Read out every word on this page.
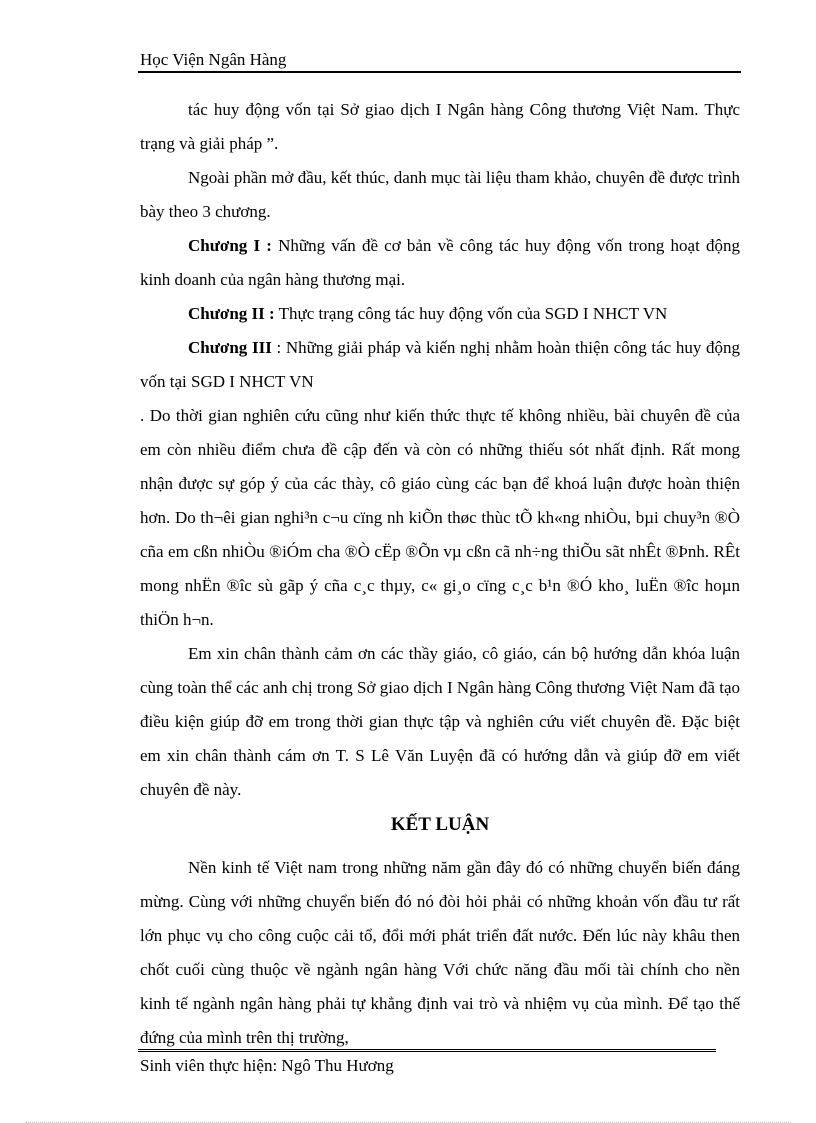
Học Viện Ngân Hàng

tác huy động vốn tại Sở giao dịch I Ngân hàng Công thương Việt Nam. Thực trạng và giải pháp ”.

Ngoài phần mở đầu, kết thúc, danh mục tài liệu tham khảo, chuyên đề được trình bày theo 3 chương.

Chương I : Những vấn đề cơ bản về công tác huy động vốn trong hoạt động kinh doanh của ngân hàng thương mại.

Chương II : Thực trạng công tác huy động vốn của SGD I NHCT VN

Chương III : Những giải pháp và kiến nghị nhằm hoàn thiện công tác huy động vốn tại SGD I NHCT VN

. Do thời gian nghiên cứu cũng như kiến thức thực tế không nhiều, bài chuyên đề của em còn nhiều điểm chưa đề cập đến và còn có những thiếu sót nhất định. Rất mong nhận được sự góp ý của các thày, cô giáo cùng các bạn để khoá luận được hoàn thiện hơn. Do th¬êi gian nghi³n c¬u cïng nh kiÕn thøc thùc tÕ kh«ng nhiÒu, bµi chuy³n ®Ò cña em cßn nhiÒu ®iÓm cha ®Ò cËp ®Õn vµ cßn cã nh÷ng thiÕu sãt nhÊt ®Þnh. RÊt mong nhËn ®îc sù gãp ý cña c¸c thµy, c« gi¸o cïng c¸c b¹n ®Ó kho¸ luËn ®îc hoµn thiÖn h¬n.

Em xin chân thành cảm ơn các thầy giáo, cô giáo, cán bộ hướng dẫn khóa luận cùng toàn thể các anh chị trong Sở giao dịch I Ngân hàng Công thương Việt Nam đã tạo điều kiện giúp đỡ em trong thời gian thực tập và nghiên cứu viết chuyên đề. Đặc biệt em xin chân thành cám ơn T. S Lê Văn Luyện đã có hướng dẫn và giúp đỡ em viết chuyên đề này.

KẾT LUẬN

Nền kinh tế Việt nam trong những năm gần đây đó có những chuyển biến đáng mừng. Cùng với những chuyển biến đó nó đòi hỏi phải có những khoản vốn đầu tư rất lớn phục vụ cho công cuộc cải tổ, đổi mới phát triển đất nước. Đến lúc này khâu then chốt cuối cùng thuộc về ngành ngân hàng Với chức năng đầu mối tài chính cho nền kinh tế ngành ngân hàng phải tự khẳng định vai trò và nhiệm vụ của mình. Để tạo thế đứng của mình trên thị trường,

Sinh viên thực hiện: Ngô Thu Hương
